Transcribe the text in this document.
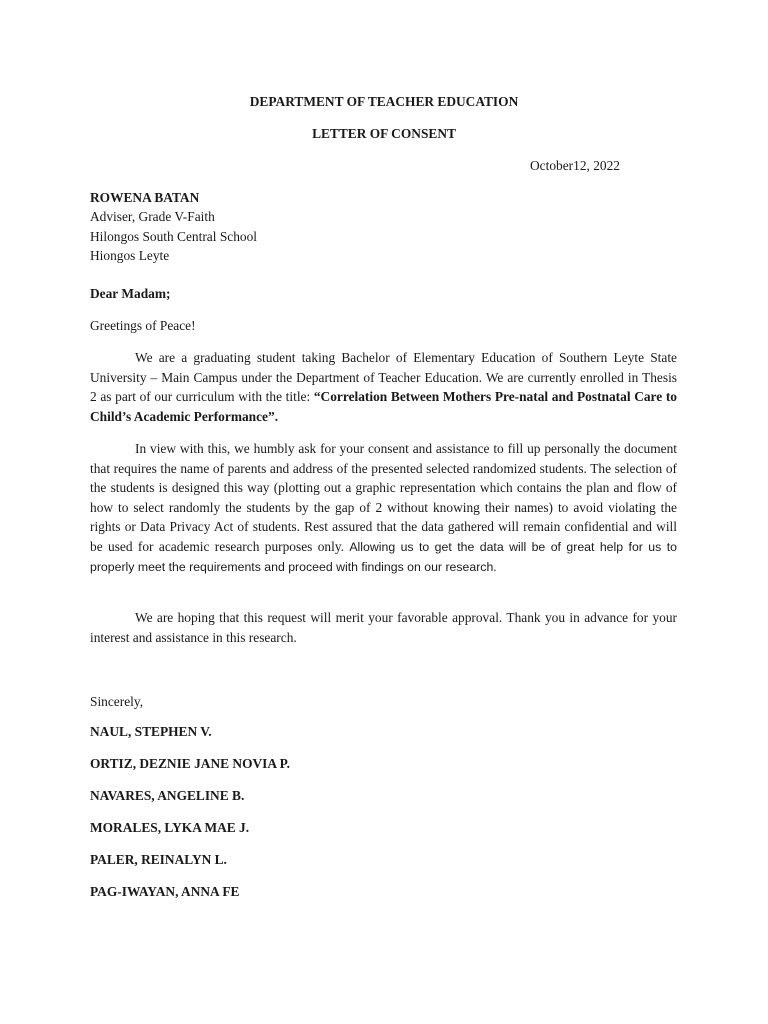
DEPARTMENT OF TEACHER EDUCATION
LETTER OF CONSENT
October12, 2022
ROWENA BATAN
Adviser, Grade V-Faith
Hilongos South Central School
Hiongos Leyte
Dear Madam;
Greetings of Peace!

We are a graduating student taking Bachelor of Elementary Education of Southern Leyte State University – Main Campus under the Department of Teacher Education. We are currently enrolled in Thesis 2 as part of our curriculum with the title: “Correlation Between Mothers Pre-natal and Postnatal Care to Child’s Academic Performance”.

In view with this, we humbly ask for your consent and assistance to fill up personally the document that requires the name of parents and address of the presented selected randomized students. The selection of the students is designed this way (plotting out a graphic representation which contains the plan and flow of how to select randomly the students by the gap of 2 without knowing their names) to avoid violating the rights or Data Privacy Act of students. Rest assured that the data gathered will remain confidential and will be used for academic research purposes only. Allowing us to get the data will be of great help for us to properly meet the requirements and proceed with findings on our research.

We are hoping that this request will merit your favorable approval. Thank you in advance for your interest and assistance in this research.

Sincerely,
NAUL, STEPHEN V.
ORTIZ, DEZNIE JANE NOVIA P.
NAVARES, ANGELINE B.
MORALES, LYKA MAE J.
PALER, REINALYN L.
PAG-IWAYAN, ANNA FE
